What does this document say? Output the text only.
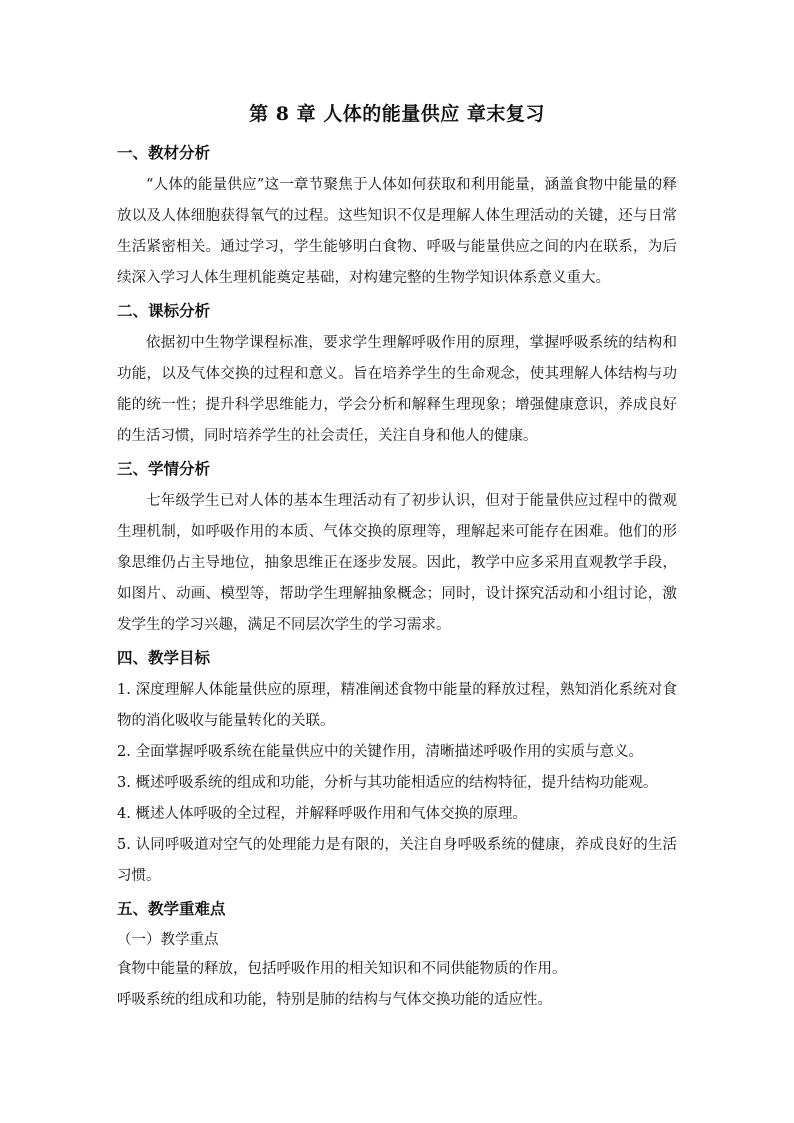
第 8 章 人体的能量供应 章末复习
一、教材分析

“人体的能量供应”这一章节聚焦于人体如何获取和利用能量，涵盖食物中能量的释放以及人体细胞获得氧气的过程。这些知识不仅是理解人体生理活动的关键，还与日常生活紧密相关。通过学习，学生能够明白食物、呼吸与能量供应之间的内在联系，为后续深入学习人体生理机能奠定基础，对构建完整的生物学知识体系意义重大。

二、课标分析

依据初中生物学课程标准，要求学生理解呼吸作用的原理，掌握呼吸系统的结构和功能，以及气体交换的过程和意义。旨在培养学生的生命观念，使其理解人体结构与功能的统一性；提升科学思维能力，学会分析和解释生理现象；增强健康意识，养成良好的生活习惯，同时培养学生的社会责任，关注自身和他人的健康。

三、学情分析

七年级学生已对人体的基本生理活动有了初步认识，但对于能量供应过程中的微观生理机制，如呼吸作用的本质、气体交换的原理等，理解起来可能存在困难。他们的形象思维仍占主导地位，抽象思维正在逐步发展。因此，教学中应多采用直观教学手段，如图片、动画、模型等，帮助学生理解抽象概念；同时，设计探究活动和小组讨论，激发学生的学习兴趣，满足不同层次学生的学习需求。

四、教学目标

1. 深度理解人体能量供应的原理，精准阐述食物中能量的释放过程，熟知消化系统对食物的消化吸收与能量转化的关联。

2. 全面掌握呼吸系统在能量供应中的关键作用，清晰描述呼吸作用的实质与意义。

3. 概述呼吸系统的组成和功能，分析与其功能相适应的结构特征，提升结构功能观。

4. 概述人体呼吸的全过程，并解释呼吸作用和气体交换的原理。

5. 认同呼吸道对空气的处理能力是有限的，关注自身呼吸系统的健康，养成良好的生活习惯。

五、教学重难点

（一）教学重点

食物中能量的释放，包括呼吸作用的相关知识和不同供能物质的作用。

呼吸系统的组成和功能，特别是肺的结构与气体交换功能的适应性。
